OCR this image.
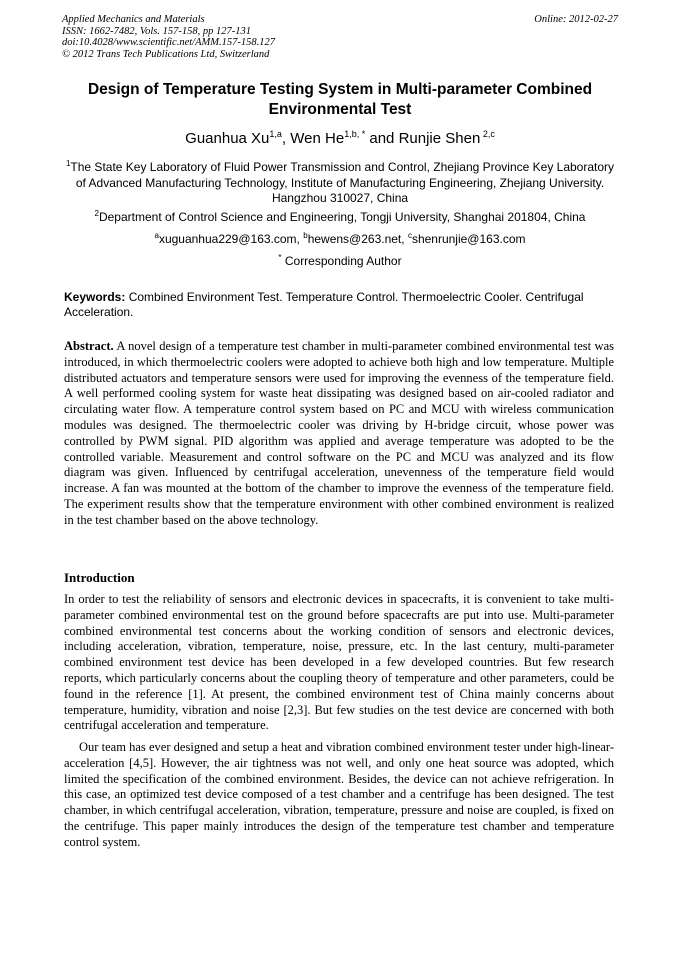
Applied Mechanics and Materials
ISSN: 1662-7482, Vols. 157-158, pp 127-131
doi:10.4028/www.scientific.net/AMM.157-158.127
© 2012 Trans Tech Publications Ltd, Switzerland
Online: 2012-02-27
Design of Temperature Testing System in Multi-parameter Combined Environmental Test
Guanhua Xu$^{1,a}$, Wen $He^{1,b, *}$ and Runjie Shen $^{2,c}$
$^1$The State Key Laboratory of Fluid Power Transmission and Control, Zhejiang Province Key Laboratory of Advanced Manufacturing Technology, Institute of Manufacturing Engineering, Zhejiang University. Hangzhou 310027, China
$^2$Department of Control Science and Engineering, Tongji University, Shanghai 201804, China
$^a$xuguanhua229@163.com, $^b$hewens@263.net, $^c$shenrunjie@163.com
* Corresponding Author
Keywords: Combined Environment Test. Temperature Control. Thermoelectric Cooler. Centrifugal Acceleration.
Abstract. A novel design of a temperature test chamber in multi-parameter combined environmental test was introduced, in which thermoelectric coolers were adopted to achieve both high and low temperature. Multiple distributed actuators and temperature sensors were used for improving the evenness of the temperature field. A well performed cooling system for waste heat dissipating was designed based on air-cooled radiator and circulating water flow. A temperature control system based on PC and MCU with wireless communication modules was designed. The thermoelectric cooler was driving by H-bridge circuit, whose power was controlled by PWM signal. PID algorithm was applied and average temperature was adopted to be the controlled variable. Measurement and control software on the PC and MCU was analyzed and its flow diagram was given. Influenced by centrifugal acceleration, unevenness of the temperature field would increase. A fan was mounted at the bottom of the chamber to improve the evenness of the temperature field. The experiment results show that the temperature environment with other combined environment is realized in the test chamber based on the above technology.
Introduction
In order to test the reliability of sensors and electronic devices in spacecrafts, it is convenient to take multi-parameter combined environmental test on the ground before spacecrafts are put into use. Multi-parameter combined environmental test concerns about the working condition of sensors and electronic devices, including acceleration, vibration, temperature, noise, pressure, etc. In the last century, multi-parameter combined environment test device has been developed in a few developed countries. But few research reports, which particularly concerns about the coupling theory of temperature and other parameters, could be found in the reference [1]. At present, the combined environment test of China mainly concerns about temperature, humidity, vibration and noise [2,3]. But few studies on the test device are concerned with both centrifugal acceleration and temperature.
Our team has ever designed and setup a heat and vibration combined environment tester under high-linear-acceleration [4,5]. However, the air tightness was not well, and only one heat source was adopted, which limited the specification of the combined environment. Besides, the device can not achieve refrigeration. In this case, an optimized test device composed of a test chamber and a centrifuge has been designed. The test chamber, in which centrifugal acceleration, vibration, temperature, pressure and noise are coupled, is fixed on the centrifuge. This paper mainly introduces the design of the temperature test chamber and temperature control system.
